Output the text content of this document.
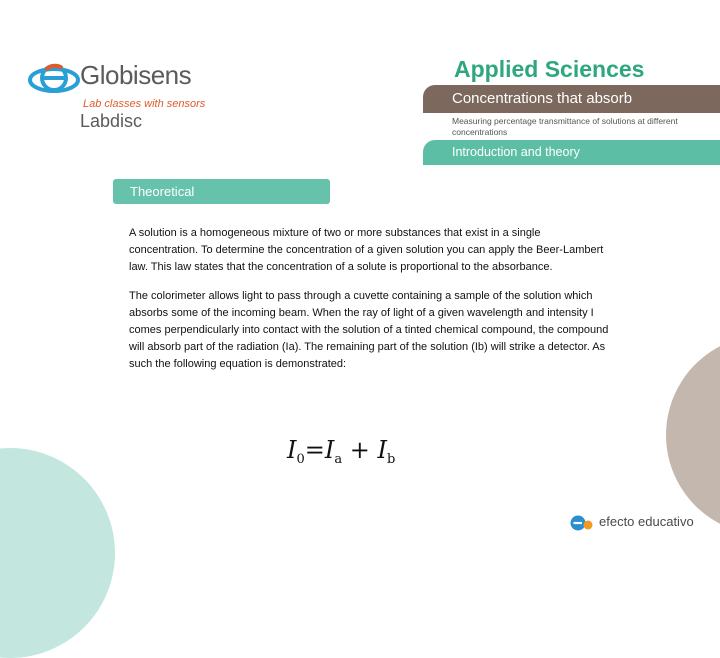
Globisens
Lab classes with sensors
Labdisc
Applied Sciences
Concentrations that absorb
Measuring percentage transmittance of solutions at different concentrations
Introduction and theory
Theoretical

A solution is a homogeneous mixture of two or more substances that exist in a single concentration. To determine the concentration of a given solution you can apply the Beer-Lambert law. This law states that the concentration of a solute is proportional to the absorbance.

The colorimeter allows light to pass through a cuvette containing a sample of the solution which absorbs some of the incoming beam. When the ray of light of a given wavelength and intensity I comes perpendicularly into contact with the solution of a tinted chemical compound, the compound will absorb part of the radiation (Ia). The remaining part of the solution (Ib) will strike a detector. As such the following equation is demonstrated:

$I_0=I_a + I_b$
efecto educativo
